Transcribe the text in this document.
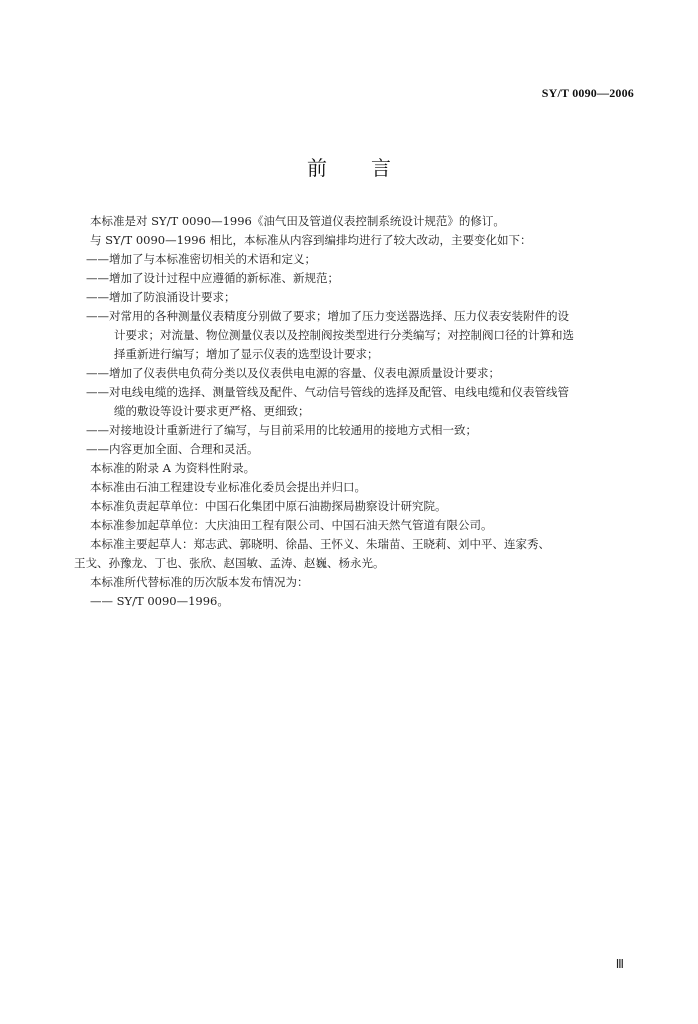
SY/T 0090—2006
前言
本标准是对 SY/T 0090—1996《油气田及管道仪表控制系统设计规范》的修订。
与 SY/T 0090—1996 相比，本标准从内容到编排均进行了较大改动，主要变化如下：
——增加了与本标准密切相关的术语和定义；
——增加了设计过程中应遵循的新标准、新规范；
——增加了防浪涌设计要求；
——对常用的各种测量仪表精度分别做了要求；增加了压力变送器选择、压力仪表安装附件的设
计要求；对流量、物位测量仪表以及控制阀按类型进行分类编写；对控制阀口径的计算和选
择重新进行编写；增加了显示仪表的选型设计要求；
——增加了仪表供电负荷分类以及仪表供电电源的容量、仪表电源质量设计要求；
——对电线电缆的选择、测量管线及配件、气动信号管线的选择及配管、电线电缆和仪表管线管
缆的敷设等设计要求更严格、更细致；
——对接地设计重新进行了编写，与目前采用的比较通用的接地方式相一致；
——内容更加全面、合理和灵活。
本标准的附录 A 为资料性附录。
本标准由石油工程建设专业标准化委员会提出并归口。
本标准负责起草单位：中国石化集团中原石油勘探局勘察设计研究院。
本标准参加起草单位：大庆油田工程有限公司、中国石油天然气管道有限公司。
本标准主要起草人：郑志武、郭晓明、徐晶、王怀义、朱瑞苗、王晓莉、刘中平、连家秀、
王戈、孙豫龙、丁也、张欣、赵国敏、孟涛、赵巍、杨永光。
本标准所代替标准的历次版本发布情况为：
—— SY/T 0090—1996。
Ⅲ
